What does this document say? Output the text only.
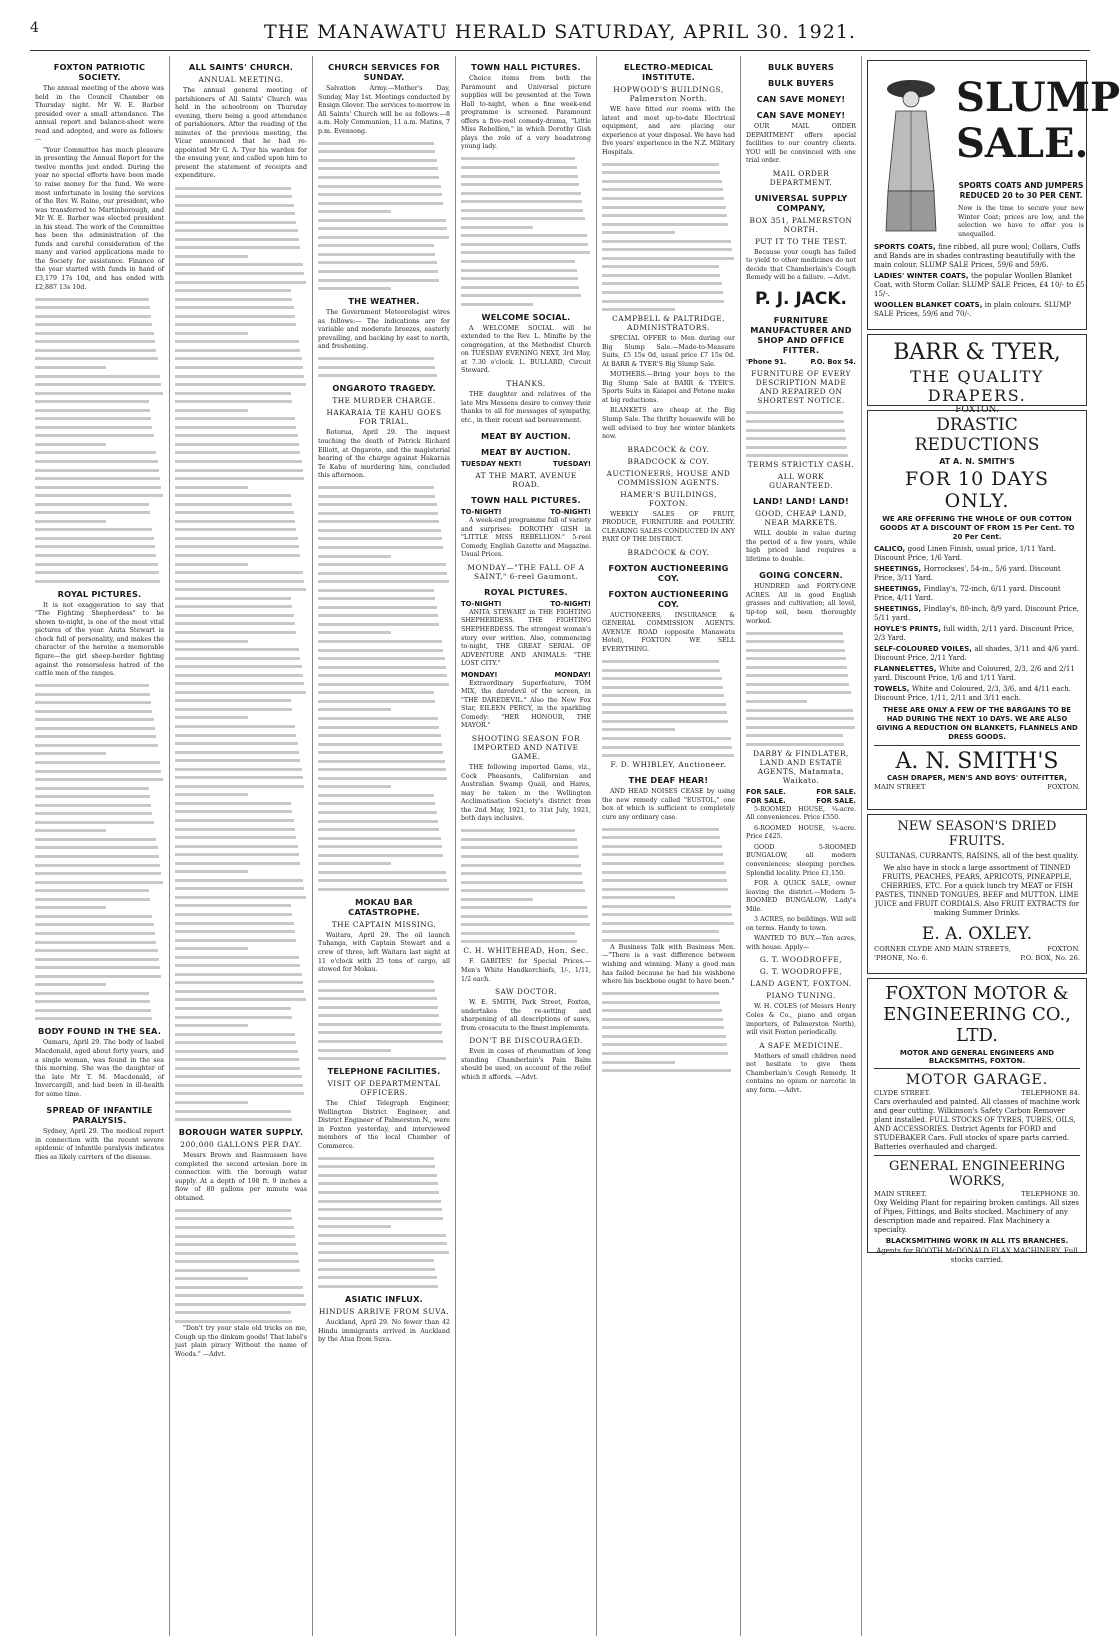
4	THE MANAWATU HERALD SATURDAY, APRIL 30. 1921.
FOXTON PATRIOTIC SOCIETY.

The annual meeting of the above was held in the Council Chamber on Thursday night. Mr W. E. Barber presided over a small attendance. The annual report and balance-sheet were read and adopted, and were as follows:—

"Your Committee has much pleasure in presenting the Annual Report for the twelve months just ended. During the year no special efforts have been made to raise money for the fund. We were most unfortunate in losing the services of the Rev. W. Raine, our president, who was transferred to Martinborough, and Mr W. E. Barber was elected president in his stead. The work of the Committee has been the administration of the funds and careful consideration of the many and varied applications made to the Society for assistance. Finance of the year started with funds in hand of £3,179 17s 10d, and has ended with £2,887 13s 10d.

ROYAL PICTURES.

It is not exaggeration to say that "The Fighting Shepherdess" to be shown to-night, is one of the most vital pictures of the year. Anita Stewart is chock full of personality, and makes the character of the heroine a memorable figure—the girl sheep-herder fighting against the remorseless hatred of the cattle men of the ranges.

BODY FOUND IN THE SEA.

Oamaru, April 29. The body of Isabel Macdonald, aged about forty years, and a single woman, was found in the sea this morning. She was the daughter of the late Mr T. M. Macdonald, of Invercargill, and had been in ill-health for some time.

SPREAD OF INFANTILE PARALYSIS.

Sydney, April 29. The medical report in connection with the recent severe epidemic of infantile paralysis indicates flies as likely carriers of the disease.

ALL SAINTS' CHURCH.
ANNUAL MEETING.

The annual general meeting of parishioners of All Saints' Church was held in the schoolroom on Thursday evening, there being a good attendance of parishioners. After the reading of the minutes of the previous meeting, the Vicar announced that he had re-appointed Mr G. A. Tyer his warden for the ensuing year, and called upon him to present the statement of receipts and expenditure.

BOROUGH WATER SUPPLY.
200,000 GALLONS PER DAY.

Messrs Brown and Rasmussen have completed the second artesian bore in connection with the borough water supply. At a depth of 198 ft. 9 inches a flow of 80 gallons per minute was obtained.

"Don't try your stale old tricks on me, Cough up the dinkum goods! That label's just plain piracy Without the name of Woods." —Advt.

CHURCH SERVICES FOR SUNDAY.

Salvation Army.—Mother's Day, Sunday, May 1st. Meetings conducted by Ensign Glover. The services to-morrow in All Saints' Church will be as follows:—8 a.m. Holy Communion, 11 a.m. Matins, 7 p.m. Evensong.

THE WEATHER.

The Government Meteorologist wires as follows:— The indications are for variable and moderate breezes, easterly prevailing, and backing by east to north, and freshening.

ONGAROTO TRAGEDY.
THE MURDER CHARGE.
HAKARAIA TE KAHU GOES FOR TRIAL.

Rotorua, April 29. The inquest touching the death of Patrick Richard Elliott, at Ongaroto, and the magisterial hearing of the charge against Hakaraia Te Kahu of murdering him, concluded this afternoon.

MOKAU BAR CATASTROPHE.
THE CAPTAIN MISSING.

Waitara, April 29. The oil launch Tuhanga, with Captain Stewart and a crew of three, left Waitara last night at 11 o'clock with 25 tons of cargo, all stowed for Mokau.

TELEPHONE FACILITIES.
VISIT OF DEPARTMENTAL OFFICERS.

The Chief Telegraph Engineer, Wellington District Engineer, and District Engineer of Palmerston N., were in Foxton yesterday, and interviewed members of the local Chamber of Commerce.

ASIATIC INFLUX.
HINDUS ARRIVE FROM SUVA.

Auckland, April 29. No fewer than 42 Hindu immigrants arrived in Auckland by the Atua from Suva.

TOWN HALL PICTURES.

Choice items from both the Paramount and Universal picture supplies will be presented at the Town Hall to-night, when a fine week-end programme is screened. Paramount offers a five-reel comedy-drama, "Little Miss Rebellion," in which Dorothy Gish plays the role of a very headstrong young lady.

WELCOME SOCIAL.

A WELCOME SOCIAL will be extended to the Rev. L. Minifie by the congregation, at the Methodist Church on TUESDAY EVENING NEXT, 3rd May, at 7.30 o'clock. L. BULLARD, Circuit Steward.

THANKS.

THE daughter and relatives of the late Mrs Messens desire to convey their thanks to all for messages of sympathy, etc., in their recent sad bereavement.

MEAT BY AUCTION.
MEAT BY AUCTION.
TUESDAY NEXT!	TUESDAY!
AT THE MART, AVENUE ROAD.
TOWN HALL PICTURES.
TO-NIGHT!	TO-NIGHT!

A week-end programme full of variety and surprises: DOROTHY GISH in "LITTLE MISS REBELLION." 5-reel Comedy, English Gazette and Magazine. Usual Prices.

MONDAY—"THE FALL OF A SAINT," 6-reel Gaumont.
ROYAL PICTURES.
TO-NIGHT!	TO-NIGHT!

ANITA STEWART in THE FIGHTING SHEPHERDESS. THE FIGHTING SHEPHERDESS. The strongest woman's story ever written. Also, commencing to-night, THE GREAT SERIAL OF ADVENTURE AND ANIMALS: "THE LOST CITY."

MONDAY!	MONDAY!

Extraordinary Superfeature, TOM MIX, the daredevil of the screen, in "THE DAREDEVIL." Also the New Fox Star, EILEEN PERCY, in the sparkling Comedy: "HER HONOUR, THE MAYOR."

SHOOTING SEASON FOR IMPORTED AND NATIVE GAME.

THE following imported Game, viz., Cock Pheasants, Californian and Australian Swamp Quail, and Hares, may be taken in the Wellington Acclimatisation Society's district from the 2nd May, 1921, to 31st July, 1921, both days inclusive.

C. H. WHITEHEAD, Hon. Sec.

F. GABITES' for Special Prices.—Men's White Handkerchiefs, 1/-, 1/11, 1/2 each.

SAW DOCTOR.

W. E. SMITH, Park Street, Foxton, undertakes the re-setting and sharpening of all descriptions of saws, from crosscuts to the finest implements.

DON'T BE DISCOURAGED.

Even in cases of rheumatism of long standing Chamberlain's Pain Balm should be used, on account of the relief which it affords. —Advt.

ELECTRO-MEDICAL INSTITUTE.
HOPWOOD'S BUILDINGS, Palmerston North.

WE have fitted our rooms with the latest and most up-to-date Electrical equipment, and are placing our experience at your disposal. We have had five years' experience in the N.Z. Military Hospitals.

CAMPBELL & PALTRIDGE, ADMINISTRATORS.

SPECIAL OFFER to Men during our Big Slump Sale.—Made-to-Measure Suits, £5 15s 0d, usual price £7 15s 0d. At BARR & TYER'S Big Slump Sale.

MOTHERS.—Bring your boys to the Big Slump Sale at BARR & TYER'S. Sports Suits in Kaiapoi and Petone make at big reductions.

BLANKETS are cheap at the Big Slump Sale. The thrifty housewife will be well advised to buy her winter blankets now.

BRADCOCK & COY.
BRADCOCK & COY.
AUCTIONEERS, HOUSE AND COMMISSION AGENTS.
HAMER'S BUILDINGS, FOXTON.

WEEKLY SALES OF FRUIT, PRODUCE, FURNITURE and POULTRY. CLEARING SALES CONDUCTED IN ANY PART OF THE DISTRICT.

BRADCOCK & COY.
FOXTON AUCTIONEERING COY.
FOXTON AUCTIONEERING COY.

AUCTIONEERS, INSURANCE & GENERAL COMMISSION AGENTS. AVENUE ROAD (opposite Manawatu Hotel), FOXTON. WE SELL EVERYTHING.

F. D. WHIBLEY, Auctioneer.
THE DEAF HEAR!

AND HEAD NOISES CEASE by using the new remedy called "EUSTOL," one box of which is sufficient to completely cure any ordinary case.

A Business Talk with Business Men.—"There is a vast difference between wishing and winning. Many a good man has failed because he had his wishbone where his backbone ought to have been."

BULK BUYERS
BULK BUYERS
CAN SAVE MONEY!
CAN SAVE MONEY!

OUR MAIL ORDER DEPARTMENT offers special facilities to our country clients. YOU will be convinced with one trial order.

MAIL ORDER DEPARTMENT.
UNIVERSAL SUPPLY COMPANY,
BOX 351, PALMERSTON NORTH.
PUT IT TO THE TEST.

Because your cough has failed to yield to other medicines do not decide that Chamberlain's Cough Remedy will be a failure. —Advt.

P. J. JACK.
FURNITURE MANUFACTURER AND SHOP AND OFFICE FITTER.
'Phone 91.	P.O. Box 54.
FURNITURE OF EVERY DESCRIPTION MADE AND REPAIRED ON SHORTEST NOTICE.
TERMS STRICTLY CASH.
ALL WORK GUARANTEED.
LAND! LAND! LAND!
GOOD, CHEAP LAND, NEAR MARKETS.

WILL double in value during the period of a few years, while high priced land requires a lifetime to double.

GOING CONCERN.

HUNDRED and FORTY-ONE ACRES. All in good English grasses and cultivation; all level, tip-top soil, been thoroughly worked.

DARBY & FINDLATER, LAND AND ESTATE AGENTS, Matamata, Waikato.
FOR SALE.	FOR SALE.
FOR SALE.	FOR SALE.

5-ROOMED HOUSE, ¼-acre. All conveniences. Price £550.

6-ROOMED HOUSE, ¼-acre. Price £425.

GOOD 5-ROOMED BUNGALOW, all modern conveniences; sleeping porches. Splendid locality. Price £1,150.

FOR A QUICK SALE, owner leaving the district.—Modern 5-ROOMED BUNGALOW, Lady's Mile.

3 ACRES, no buildings. Will sell on terms. Handy to town.

WANTED TO BUY.—Ten acres, with house. Apply—

G. T. WOODROFFE,
G. T. WOODROFFE,
LAND AGENT, FOXTON.
PIANO TUNING.

W. H. COLES (of Messrs Henry Coles & Co., piano and organ importers, of Palmerston North), will visit Foxton periodically.

A SAFE MEDICINE.

Mothers of small children need not hesitate to give them Chamberlain's Cough Remedy. It contains no opium or narcotic in any form. —Advt.

SLUMP SALE.
SPORTS COATS AND JUMPERS REDUCED 20 to 30 PER CENT.
Now is the time to secure your new Winter Coat; prices are low, and the selection we have to offer you is unequalled.
SPORTS COATS, fine ribbed, all pure wool; Collars, Cuffs and Bands are in shades contrasting beautifully with the main colour. SLUMP SALE Prices, 59/6 and 59/6.
LADIES' WINTER COATS, the popular Woollen Blanket Coat, with Storm Collar. SLUMP SALE Prices, £4 10/- to £5 15/-.
WOOLLEN BLANKET COATS, in plain colours. SLUMP SALE Prices, 59/6 and 70/-.
BARR & TYER,
THE QUALITY DRAPERS.
FOXTON.
DRASTIC REDUCTIONS
AT A. N. SMITH'S
FOR 10 DAYS ONLY.
WE ARE OFFERING THE WHOLE OF OUR COTTON GOODS AT A DISCOUNT OF FROM 15 Per Cent. TO 20 Per Cent.
CALICO, good Linen Finish, usual price, 1/11 Yard. Discount Price, 1/6 Yard.
SHEETINGS, Horrockses', 54-in., 5/6 yard. Discount Price, 3/11 Yard.
SHEETINGS, Findlay's, 72-inch, 6/11 yard. Discount Price, 4/11 Yard.
SHEETINGS, Findlay's, 80-inch, 8/9 yard. Discount Price, 5/11 yard.
HOYLE'S PRINTS, full width, 2/11 yard. Discount Price, 2/3 Yard.
SELF-COLOURED VOILES, all shades, 3/11 and 4/6 yard. Discount Price, 2/11 Yard.
FLANNELETTES, White and Coloured, 2/3, 2/6 and 2/11 yard. Discount Price, 1/6 and 1/11 Yard.
TOWELS, White and Coloured, 2/3, 3/6, and 4/11 each. Discount Price, 1/11, 2/11 and 3/11 each.
THESE ARE ONLY A FEW OF THE BARGAINS TO BE HAD DURING THE NEXT 10 DAYS. WE ARE ALSO GIVING A REDUCTION ON BLANKETS, FLANNELS AND DRESS GOODS.
A. N. SMITH'S
CASH DRAPER, MEN'S AND BOYS' OUTFITTER,
MAIN STREET	FOXTON.
NEW SEASON'S DRIED FRUITS.
SULTANAS, CURRANTS, RAISINS, all of the best quality.
We also have in stock a large assortment of TINNED FRUITS, PEACHES, PEARS, APRICOTS, PINEAPPLE, CHERRIES, ETC. For a quick lunch try MEAT or FISH PASTES, TINNED TONGUES, BEEF and MUTTON. LIME JUICE and FRUIT CORDIALS. Also FRUIT EXTRACTS for making Summer Drinks.
E. A. OXLEY.
CORNER CLYDE AND MAIN STREETS,	FOXTON.
'PHONE, No. 6.	P.O. BOX, No. 26.
FOXTON MOTOR & ENGINEERING CO., LTD.
MOTOR AND GENERAL ENGINEERS AND BLACKSMITHS, FOXTON.
MOTOR GARAGE.
CLYDE STREET.	TELEPHONE 84.
Cars overhauled and painted. All classes of machine work and gear cutting. Wilkinson's Safety Carbon Remover plant installed. FULL STOCKS OF TYRES, TUBES, OILS, AND ACCESSORIES. District Agents for FORD and STUDEBAKER Cars. Full stocks of spare parts carried. Batteries overhauled and charged.
GENERAL ENGINEERING WORKS,
MAIN STREET.	TELEPHONE 30.
Oxy Welding Plant for repairing broken castings. All sizes of Pipes, Fittings, and Bolts stocked. Machinery of any description made and repaired. Flax Machinery a specialty.
BLACKSMITHING WORK IN ALL ITS BRANCHES.
Agents for BOOTH McDONALD FLAX MACHINERY. Full stocks carried.
